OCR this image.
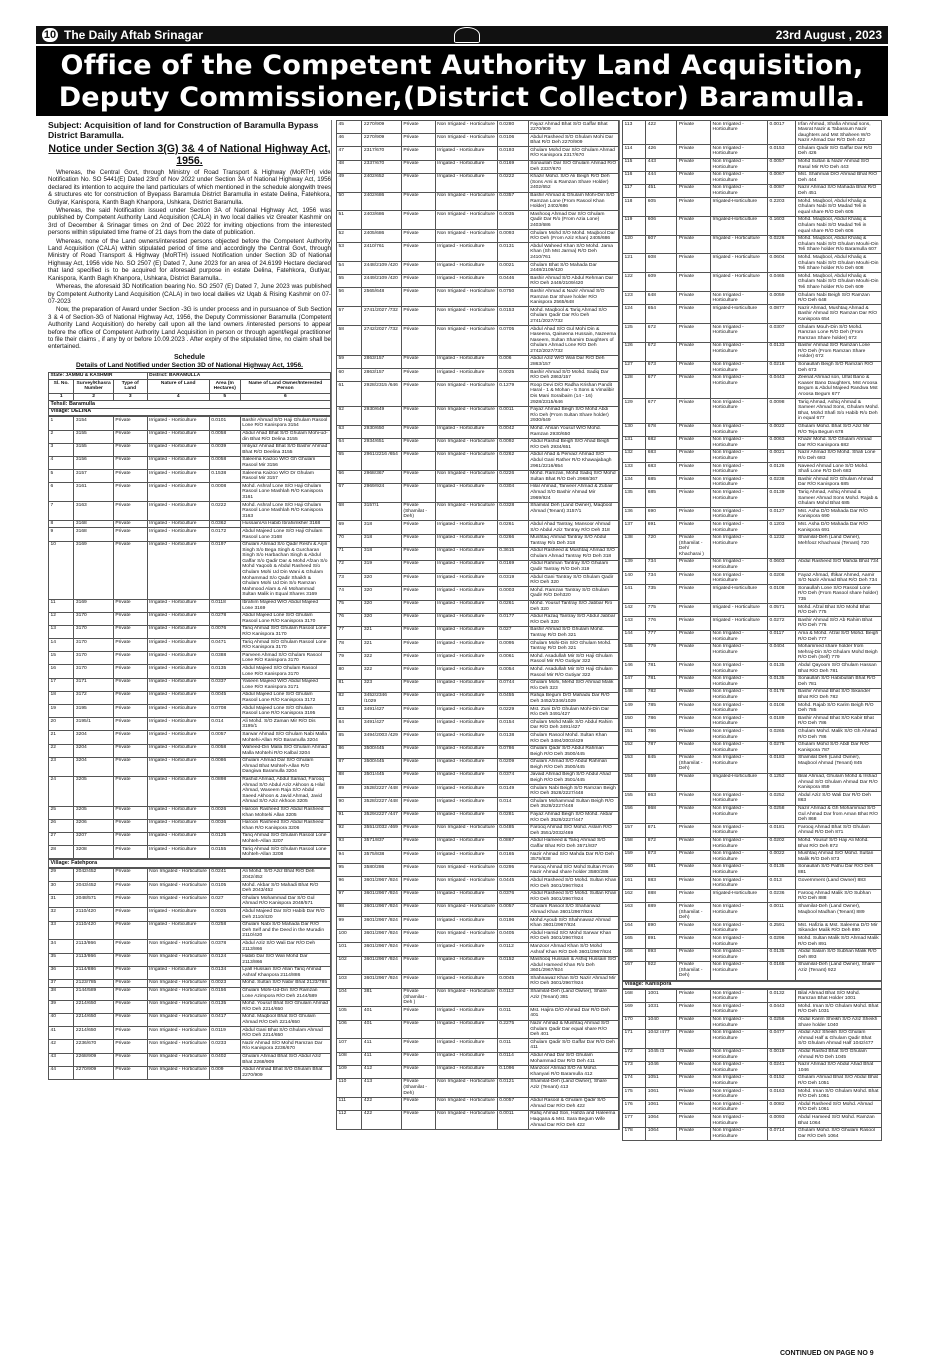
10 The Daily Aftab Srinagar	23rd August , 2023
Office of the Competent Authority Land Acquisition,
Deputy Commissioner,(District Collector) Baramulla.
Subject: Acquisition of land for Construction of Baramulla Bypass District Baramulla.
Notice under Section 3(G) 3& 4 of National Highway Act, 1956.
Whereas, the Central Govt, through Ministry of Road Transport & Highway (MoRTH) vide Notification No. SO 5441(E) Dated 23rd of Nov 2022 under Section 3A of National Highway Act, 1956 declared its intention to acquire the land particulars of which mentioned in the schedule alongwith trees & structures etc for construction of Byepass Baramula District Baramulla in estate Delina, Fatehkora, Gutiyar, Kanispora, Kanth Bagh Khanpora, Ushkara, District Baramulla.
Whereas, the said Notification issued under Section 3A of National Highway Act, 1956 was published by Competent Authority Land Acquisition (CALA) in two local dailies viz Greater Kashmir on 3rd of December & Srinagar times on 2nd of Dec 2022 for inviting objections from the interested persons within stipulated time frame of 21 days from the date of publication.
Whereas, none of the Land owners/interested persons objected before the Competent Authority Land Acquisition (CALA) within stipulated period of time and accordingly the Central Govt, through Ministry of Road Transport & Highway (MoRTH) issued Notification under Section 3D of National Highway Act, 1956 vide No. SO 2507 (E) Dated 7, June 2023 for an area of 24.6199 Hectare declared that land specified is to be acquired for aforesaid purpose in estate Delina, Fatehkora, Gutiyar, Kanispora, Kanth Bagh Khanpora, Ushkara, District Baramulla..
Whereas, the aforesaid 3D Notification bearing No. SO 2507 (E) Dated 7, June 2023 was published by Competent Authority Land Acquisition (CALA) in two local dailies viz Uqab & Rising Kashmir on 07-07-2023
Now, the preparation of Award under Section -3G is under process and in pursuance of Sub Section 3 & 4 of Section-3G of National Highway Act, 1956, the Deputy Commissioner Baramulla (Competent Authority Land Acquisition) do hereby call upon all the land owners /interested persons to appear before the office of Competent Authority Land Acquisition in person or through agent/legal practitioner to file their claims , if any by or before 10.09.2023 . After expiry of the stipulated time, no claim shall be entertained.
Schedule
Details of Land Notified under Section 3D of National Highway Act, 1956.
State: JAMMU & KASHMIR			District: BARAMULLA		
Sl. No.	Survey/Khasra Number	Type of Land	Nature of Land	Area (In Hectares)	Name of Land Owner/Interested Person
1	2	3	4	5	6
Tehsil: Baramulla					
Village: DELINA					
1	3154	Private	Irrigated - Horticulture	0.0101	Bashir Ahmad S/O Haji Ghulam Rasool Lone R/O Kanispora 3154
2	3155	Private	Irrigated - Horticulture	0.0058	Abdul Ahad Bhat S/O Ghulam Mohi-ud-din Bhat R/O Delina 3155
3	3155	Private	Irrigated - Horticulture	0.0039	Imtiyaz Ahmad Bhat S/O Bashir Ahmad Bhat R/O Deelina 3155
4	3156	Private	Irrigated - Horticulture	0.0058	Saleema Kaizoo W/O Gh Ghulam Rasool Mir 3156
5	3157	Private	Irrigated - Horticulture	0.1538	Saleema Kaizoo W/O Dr Ghulam Rasool Mir 3157
6	3161	Private	Irrigated - Horticulture	0.0008	Mohd. Ashraf Lone S/O Haji Ghulam Rasool Lone Mashlah R/O Kanispora 3161
7	3163	Private	Irrigated - Horticulture	0.0222	Mohd. Ashraf Lone S/O Haji Ghulam Rasool Lone Mashlah R/O Kanispora 3163
8	3168	Private	Irrigated - Horticulture	0.0362	Hussain/Ali Habib Ibrahimkher 3168
9	3168	Private	Irrigated - Horticulture	0.0172	Abdul Majeed Lone S/O Haji Ghulam Rasool Lone 3168
10	3169	Private	Irrigated - Horticulture	0.0197	Ghulam Ahmad S/o Qadir Reshi & Arjin Singh S/o Bega Singh & Gurcharan Singh S/o Harbachan Singh & Abdul Gaffar S/o Qadir Dar & Mohd Afzan S/o Mohd Yaqoob & Abdul Rasheed S/o Ghulam Mohi Ud Din Wani & Ghulam Mohammad S/o Qadir Shaikh & Ghulam Mohi Ud Din S/o Ramzan Mahmood Alam & Ali Mohammad Sultan Malik in Equal Shares 3169
11	3169	Private	Irrigated - Horticulture	0.0118	Ibrahim Majeed W/O Abdul Majeed Lone 3169
12	3170	Private	Irrigated - Horticulture	0.0278	Abdul Majeed Lone S/O Ghulam Rasool Lone R/O Kanispora 3170
13	3170	Private	Irrigated - Horticulture	0.0076	Tariq Ahmad S/O Ghulam Rasool Lone R/O Kanispora 3170
14	3170	Private	Irrigated - Horticulture	0.0471	Tariq Ahmad S/O Ghulam Rasool Lone R/O Kanispora 3170
15	3170	Private	Irrigated - Horticulture	0.0388	Parveen Ahmad S/O Ghulam Rasool Lone R/O Kanispora 3170
16	3170	Private	Irrigated - Horticulture	0.0135	Abdul Majeed S/O Ghulam Rasool Lone R/O Kanispora 3170
17	3171	Private	Irrigated - Horticulture	0.0337	Yaseen Majeed W/O Abdul Majeed Lone R/O Kanispora 3171
18	3172	Private	Irrigated - Horticulture	0.0045	Abdul Majeed Lone S/O Ghulam Rasool Lone R/O Kanispora 3172
19	3195	Private	Irrigated - Horticulture	0.0708	Abdul Majeed Lone S/O Ghulam Rasool Lone R/O Kanispora 3195
20	3195/1	Private	Irrigated - Horticulture	0.014	Ali Mohd. S/O Zaman Mir R/O Dis 3195/1
21	3204	Private	Irrigated - Horticulture	0.0057	Sarwar Ahmad S/O Ghulam Nabi Malla Mohtehi-Allan R/O Baramulla 3204
22	3204	Private	Irrigated - Horticulture	0.0058	Waheed-Din Malla S/O Ghulam Ahmad Malla Mohtehi R/O Kalbal 3204
23	3204	Private	Irrigated - Horticulture	0.0086	Ghulam Ahmad Dar S/O Ghulam Ahmad Bhat Mohteh-Allan R/O Dangiwa Baramulla 3204
24	3205	Private	Irrigated - Horticulture	0.0898	Rashid Ahmad, Abdul Samad, Farooq Ahmad S/O Abdul Aziz Akhoon & Hilal Ahmad, Waseem Raja S/O Abdul Saeed Akhoon & Javid Ahmad, Javid Ahmad S/O Aziz Akhoon 3205
25	3205	Private	Irrigated - Horticulture	0.0026	Haroon Rasheed S/O Abdul Rasheed Khan Mohtehi Allan 3205
26	3206	Private	Irrigated - Horticulture	0.0036	Haroon Rasheed S/O Abdul Rasheed Khan R/O Kanispora 3206
27	3207	Private	Irrigated - Horticulture	0.0125	Tariq Ahmad S/O Ghulam Rasool Lone Mohteh-Allan 3207
28	3208	Private	Irrigated - Horticulture	0.0155	Tariq Ahmad S/O Ghulam Rasool Lone Mohteh-Allan 3208
Village: Fatehpora
29	2042/452	Private	Non Irrigated - Horticulture	0.0241	Ali Mohd. S/O Aziz Bhat R/O Deh 2042/452
30	2043/452	Private	Non Irrigated - Horticulture	0.0105	Mohd. Akbar S/O Mahadi Bhat R/O Deh 2043/452
31	2048/571	Private	Non Irrigated - Horticulture	0.027	Ghulam Mohammad Dar S/O Gul Ahmad R/O Kanispora 2048/571
32	2110/420	Private	Irrigated - Horticulture	0.0025	Abdul Majeed Dar S/O Habib Dar R/O Deh 2110/420
33	2110/420	Private	Irrigated - Horticulture	0.0258	Ghulam Nabi S/O Mahada Dar R/O Deh Self and the Deed in the Muradin 2110/420
34	2113/866	Private	Non Irrigated - Horticulture	0.0378	Abdul Aziz S/O Wali Dar R/O Deh 2113/866
35	2113/866	Private	Non Irrigated - Horticulture	0.0124	Habib Dar S/O Wali Mohd Dar 2113/866
36	2114/886	Private	Irrigated - Horticulture	0.0134	Lyall Hussain S/O Allan Tariq Ahmad Ashraf Khanpora 2114/886
37	2123/785	Private	Non Irrigated - Horticulture	0.0023	Mohd. Sultan S/O Nabir Bhat 2123/785
38	2144/589	Private	Non Irrigated - Horticulture	0.0156	Ghulam Mohi-Ud-Din S/O Ramzan Lone Azimpora R/O Deh 2144/589
39	2214/650	Private	Non Irrigated - Horticulture	0.0135	Mohd. Yousuf Bhat S/O Ghulam Ahmad R/O Deh 2214/650
40	2214/650	Private	Non Irrigated - Horticulture	0.0417	Mohd. Maqbool Bhat S/O Ghulam Ahmad R/O Deh 2214/650
41	2214/650	Private	Non Irrigated - Horticulture	0.0119	Abdul Gani Bhat S/O Ghulam Ahmad R/O Deh 2214/650
42	2236/670	Private	Non Irrigated - Horticulture	0.0233	Nazir Ahmad S/O Mohd Ramzan Dar R/o Kanispora 2236/670
43	2268/909	Private	Non Irrigated - Horticulture	0.0402	Ghulam Ahmad Bhat S/O Abdul Aziz Bhat 2268/909
44	2270/909	Private	Non Irrigated - Horticulture	0.009	Abdul Ahmad Bhat S/O Ghulam Bhat 2270/909
45	2270/909	Private	Non Irrigated - Horticulture	0.0280	Fayaz Ahmad Bhat S/O Gaffar Bhat 2270/909
46	2270/909	Private	Non Irrigated - Horticulture	0.0106	Abdul Rasheed S/O Ghulam Mohi Dar Bhat R/O Deh 2270/909
47	2317/670	Private	Irrigated - Horticulture	0.0193	Ghulam Mohd Dar S/O Ghulam Ahmad R/O Kanispora 2317/670
48	2337/670	Private	Irrigated - Horticulture	0.0169	Sonaullah Dar S/O Ghulam Ahmad R/O Deh 2337/670
49	2402/652	Private	Irrigated - Horticulture	0.0222	Khazir Mohd. S/O Ali Beigh R/O Deh (Sons Ami & Ramzan Share Holder) 2402/652
50	2402/686	Private	Non Irrigated - Horticulture	0.0357	Bashir Ahmad & Ghulam Mohi-Din S/O Ramzan Lone (From Rasool Khan Holder) 2402/686
51	2403/686	Private	Non Irrigated - Horticulture	0.0035	Mashooq Ahmad Dar S/O Ghulam Qadir Dar R/o (From Azia Lone) 2403/686
52	2405/686	Private	Non Irrigated - Horticulture	0.0093	Ghulam Mohd S/O Mohd. Maqbool Dar R/O Deh (From Aziz Khan) 2405/686
53	2410/761	Private	Irrigated - Horticulture	0.0131	Abdul Waheed Khan S/O Mohd. Jama Khan (Sh Mst Jarma) R/O Deh 2410/761
54	2448/2109 /420	Private	Irrigated - Horticulture	0.0021	Ghulam Bhat S/O Mahada Dar 2448/2109/420
55	2449/2109 /420	Private	Irrigated - Horticulture	0.0446	Bashir Ahmad S/O Abdul Rehman Dar R/O Deh 2449/2109/420
56	2565/648	Private	Non Irrigated - Horticulture	0.0750	Bashir Ahmad & Nazir Ahmad S/O Ramzan Dar Share holder R/O Kanispora 2565/648
57	2741/2027 /732	Private	Non Irrigated - Horticulture	0.0153	Mohd. Maqbool & Tariq Ahmad S/O Ghulam Qadir Dar R/o Deh 2741/2027/732
58	2742/2027 /732	Private	Non Irrigated - Horticulture	0.0705	Abdul Ahad S/O Gul Mohi Din & Haseena, Qaiseena Hussain, Nazeema Naseem, Sultan Shamim Daughters of Ghulam Ahmad Lone R/O Deh 2742/2027/732
59	2863/157	Private	Irrigated - Horticulture	0.006	Abdul Aziz W/O Wali Dar R/O Deh 2863/157
60	2863/157	Private	Irrigated - Horticulture	0.0025	Bashir Ahmad S/O Mohd. Sadiq Dar R/O Deh 2863/157
61	2928/2315 /646	Private	Non Irrigated - Horticulture	0.1279	Roop Devi D/O Radha Krishan Pandit Haral - 1 & Mohan - 5 Sons & Vimalibir Dis Mani Soraibaim (14 - 16) 2928/2315/646
62	2930/649	Private	Non Irrigated - Horticulture	0.0011	Fayaz Ahmad Beigh S/O Mohd Abdi R/o Deh (From Sultan Share holder) 2930/649
63	2930/650	Private	Irrigated - Horticulture	0.0042	Mohd. Ahsan Yousuf W/O Mohd. Ramzan 2930/650
64	2934/651	Private	Non Irrigated - Horticulture	0.0092	Abdul Rashid Beigh S/O Ahad Beigh R/O Deh 2934/651
65	2961/2216 /654	Private	Non Irrigated - Horticulture	0.0262	Abdul Ahad & Pervaiz Ahmad S/O Abdul Gani Rather R/O Khawajabagh 2961/2216/654
66	2968/367	Private	Non Irrigated - Horticulture	0.0226	Mohd. Ramzan, Mohd Sadiq S/O Mohd Sultan Bhat R/O Deh 2968/367
67	2969/924	Private	Irrigated - Horticulture	0.0304	Hilal Ahmad, Tanveer Ahmad & Zubair Ahmad S/O Bashir Ahmad Mir 2969/924
68	3157/1	Private (Shamilat - Deh)	Non Irrigated - Horticulture	0.0328	Shamilat Deh (Land Owner), Maqbool Ahmad (Tenant) 3157/1
69	318	Private	Irrigated - Horticulture	0.0261	Abdul Ahad Tantray, Mansoor Ahmad S/O Abdul Aziz Tantray R/O Deh 318
70	318	Private	Irrigated - Horticulture	0.0266	Mushtaq Ahmad Tantray S/O Abdul Tantray R/o Deh 318
71	318	Private	Irrigated - Horticulture	0.3615	Abdul Rasheed & Mushtaq Ahmad S/O Ghulam Ahmad Tantray R/O Deh 318
72	319	Private	Irrigated - Horticulture	0.0169	Abdul Rahman Tantray S/O Ghulam Qadir Tantray R/O Deh 319
73	320	Private	Irrigated - Horticulture	0.0319	Abdul Gani Tantray S/O Ghulam Qadir R/O Deh 320
74	320	Private	Irrigated - Horticulture	0.0003	Mohd. Ramzan Tantray S/O Ghulam Qadir R/O Deh320
75	320	Private	Irrigated - Horticulture	0.0261	Mohd. Yousuf Tantray S/O Jabbar R/o Deh 320
76	320	Private	Irrigated - Horticulture	0.0177	Abdul Razaq Tantray S/O Abdul Jabbar R/O Deh 320
77	321	Private	Irrigated - Horticulture	0.027	Bashir Ahmad S/O Ghulam Mohd. Tantray R/O Deh 321
78	321	Private	Irrigated - Horticulture	0.0095	Ghulam Mohi-Din S/O Ghulam Mohd. Tantray R/O Deh 321
79	322	Private	Irrigated - Horticulture	0.0061	Mohd. Asadullah Mir S/O Haji Ghulam Rasool Mir R/O Gutiyar 322
80	322	Private	Irrigated - Horticulture	0.0054	Mohd. Asadullah Mir S/O Haji Ghulam Rasool Mir R/O Gutiyar 322
81	323	Private	Irrigated - Horticulture	0.0744	Ghulam Mohi, Mehd S/O Ahmad Malik R/o Deh 323
82	3452/2346 /1029	Private	Irrigated - Horticulture	0.0455	Rafiqa Begum D/O Mahadu Dar R/O Deh 3452/2346/1029
83	3491/427	Private	Irrigated - Horticulture	0.0229	Mst. Zuni D/O Ghulam Mohi-Din Dar R/o Deh 3491/427
84	3491/427	Private	Irrigated - Horticulture	0.0154	Ghulam Mohd Malik S/O Abdul Rahim Dar R/O Deh 3491/427
85	3494/2003 /429	Private	Irrigated - Horticulture	0.0138	Ghulam Rasool Mohd. Sultan Khan R/O Deh 3494/2003/429
86	3500/445	Private	Irrigated - Horticulture	0.0786	Ghulam Qadir S/O Abdul Rahman Beigh R/O Deh 3500/445
87	3500/445	Private	Irrigated - Horticulture	0.0209	Ghulam Ahmad S/O Abdul Rahman Beigh R/O Deh 3500/445
88	3501/445	Private	Irrigated - Horticulture	0.0374	Javaid Ahmad Beigh S/O Abdul Ahad Beigh R/O Deh 3501/445
89	3528/2227 /448	Private	Irrigated - Horticulture	0.0149	Ghulam Nabi Beigh S/O Ramzan Beigh R/O Deh 3528/2227/448
90	3528/2227 /448	Private	Irrigated - Horticulture	0.014	Ghulam Mohammad Sultan Beigh R/O Deh 3528/2227/448
91	3529/2227 /447	Private	Irrigated - Horticulture	0.0281	Fayaz Ahmad Beigh S/O Mohd. Akbar R/O Deh 3529/2227/447
92	3551/2032 /469	Private	Non Irrigated - Horticulture	0.0485	Farooq Ahmad S/O Mohd. Aslam R/O Deh 3551/2032/469
93	3571/837	Private	Irrigated - Horticulture	0.0867	Abdul Hameed & Tariq Ahmad S/O Gaffar Bhat R/O Deh 3571/837
94	3575/838	Private	Irrigated - Horticulture	0.0165	Nazir Ahmad S/O Mahda Dar R/O Deh 3575/838
95	3580/286	Private	Non Irrigated - Horticulture	0.0295	Farooq Ahmad S/O Mohd Sultan From Nazir Ahmad share holder 3580/286
96	3601/2967 /924	Private	Non Irrigated - Horticulture	0.0445	Abdul Rasheed S/O Mohd. Sultan Khan R/O Deh 3601/2967/924
97	3601/2967 /924	Private	Irrigated - Horticulture	0.0376	Abdul Rasheed S/O Mohd. Sultan Khan R/O Deh 3601/2967/924
98	3601/2967 /924	Private	Non Irrigated - Horticulture	0.0057	Ghulam Rasool S/O Shahanwaz Ahmad Khan 3601/2967/924
99	3601/2967 /924	Private	Irrigated - Horticulture	0.0196	Mohd Ayoub S/O Shahnawaz Ahmad Khan 3601/2967/924
100	3601/2967 /924	Private	Non Irrigated - Horticulture	0.0405	Abdul Hamid S/O Mohd Sarwar Khan R/O Deh 3601/2967/924
101	3601/2967 /924	Private	Irrigated - Horticulture	0.0112	Manzoor Ahmad Khan S/O Mohd Ashraf Khan R/O Deh 3601/2967/924
102	3601/2967 /924	Private	Irrigated - Horticulture	0.0152	Mashooq Hussain & Ashiq Hussain S/O Abdul Hameed Khan R/o Deh 3601/2967/924
103	3601/2967 /924	Private	Irrigated - Horticulture	0.0045	Shahnawaz Khan S/O Nazir Ahmad Mir R/O Deh 3601/2967/924
104	381	Private (Shamilat - Deh )	Non Irrigated - Horticulture	0.0112	Shamilat-Deh (Land Owner), Share Aziz (Tenant) 381
105	401	Private	Irrigated - Horticulture	0.011	Mst. Hajira D/O Ahmad Dar R/O Deh 401
106	401	Private	Irrigated - Horticulture	0.2275	Nazir Ahmad & Mushtaq Ahmad S/O Ghulam Qadir Dar equal share R/O Deh 401
107	411	Private	Irrigated - Horticulture	0.011	Ghulam Qadir S/O Gaffar Dar R/O Deh 411
108	411	Private	Irrigated - Horticulture	0.0114	Abdul Ahad Dar S/O Ghulam Mohammad Dar R/O Deh 411
109	412	Private	Irrigated - Horticulture	0.1096	Manzoor Ahmad S/O Ali Mohd. Khanyari R/O Baramulla 412
110	413	Private (Shamilat - Deh)	Non Irrigated - Horticulture	0.0121	Shamilat-Deh (Land Owner), Share Aziz (Tenant) 413
111	422	Private	Non Irrigated - Horticulture	0.0057	Abdul Rasool & Ghulam Qadir S/O Ahmad Dar R/O Deh 422
112	422	Private	Non Irrigated - Horticulture	0.0011	Rafiq Ahmad Son, Hafiza and Haleema Haqqana & Mst. Sara Begum Wife Ahmad Dar R/O Deh 422
113	422	Private	Non Irrigated - Horticulture	0.0017	Irfan Ahmad, Shafia Ahmad sons, Masrat Nazir & Tabassum Nazir daughters and Mst Shaheen W/O Nazir Ahmad Dar R/O Deh 422
114	426	Private	Non Irrigated - Horticulture	0.0153	Ghulam Qadir S/O Gaffar Dar R/O Deh 426
115	443	Private	Non Irrigated - Horticulture	0.0057	Mohd Sultan & Nazir Ahmad S/O Rasul Mir R/O Deh 443
116	444	Private	Non Irrigated - Horticulture	0.0067	Mst. Shahmali D/O Ahmad Bhat R/O Deh 444
117	451	Private	Non Irrigated - Horticulture	0.0087	Nazir Ahmad S/O Mahada Bhat R/O Deh 451
118	605	Private	Irrigated-Horticulture	0.2203	Mohd. Maqbool, Abdul Khaliq & Ghulam Nabi S/O Madad Teli in equal share R/O Deh 605
119	606	Private	Irrigated-Horticulture	0.1603	Mohd. Maqbool, Abdul Khaliq & Ghulam Nabi S/O Madad Teli in equal share R/O Deh 606
120	607	Private	Irrigated - Horticulture	0.0226	Mohd. Maqbool, Abdul Khaliq & Ghulam Nabi S/O Ghulam Mouhi-Din Teli Share holder R/o Baramulla 607
121	608	Private	Irrigated - Horticulture	0.0604	Mohd. Maqbool, Abdul Khaliq & Ghulam Nabi S/O Ghulam Mouhi-Din Teli Share holder R/o Deh 608
122	609	Private	Irrigated - Horticulture	0.0465	Mohd. Maqbool, Abdul Khaliq & Ghulam Nabi S/O Ghulam Mouhi-Din Teli Share holder R/o Deh 609
123	648	Private	Non Irrigated - Horticulture	0.0059	Ghulam Nabi Beigh S/O Ramzan R/O Deh 648
124	654	Private	Irrigated-Horticulture	0.0877	Nazir Ahmad, Mushtaq Ahmad & Bashir Ahmad S/O Ramzan Dar R/O Kanispora 654
125	672	Private	Non Irrigated - Horticulture	0.0307	Ghulam Mouh-Din S/O Mohd. Ramzan Lone R/O Deh (From Ramzan Share holder) 672
126	672	Private	Non Irrigated - Horticulture	0.0133	Bashir Ahmad S/O Ramzan Lone R/O Deh (From Ramzan Share Holder) 672
127	673	Private	Non Irrigated - Horticulture	0.0216	Sonaullah Beigh S/O Ramzan R/O Deh 673
128	677	Private	Non Irrigated - Horticulture	0.0443	Zeenat Ahmad son, Ulfat Bano & Kaaser Bano Daughters, Mst Aroosa Begum & Abdul Majeed Randwa Mst Aroosa Begum 677
129	677	Private	Non Irrigated - Horticulture	0.0098	Tariq Ahmad, Ashiq Ahmad & Sameer Ahmad Sons, Ghulam Mohd. Bhat, Mohd Shafi S/o Habib R/o Deh in equal 677
130	678	Private	Non Irrigated - Horticulture	0.0022	Ghulam Mohd. Bhat S/O Aziz Mir R/O Teja Begum 678
131	682	Private	Non Irrigated - Horticulture	0.0063	Khazir Mohd. S/O Ghulam Ahmad Dar R/O Kanispora 682
132	683	Private	Non Irrigated - Horticulture	0.0021	Nazir Ahmad S/O Mohd. Shafi Lone R/o Deh 683
133	683	Private	Non Irrigated - Horticulture	0.0126	Naveed Ahmad Lone S/O Mohd. Shafi Lone R/O Deh 683
134	685	Private	Non Irrigated - Horticulture	0.0238	Bashir Ahmad S/O Ghulam Ahmad Dar R/O Kanispora 685
135	685	Private	Non Irrigated - Horticulture	0.0139	Tariq Ahmad, Ashiq Ahmad & Sameer Ahmad Sons Mohd. Rajab & Ghulam Mohd Bhat 685
136	690	Private	Non Irrigated - Horticulture	0.0127	Mst. Asha D/O Mahada Dar R/O Kanispora 690
137	691	Private	Non Irrigated - Horticulture	0.1203	Mst. Asha D/O Mahada Dar R/O Kanispora 691
138	720	Private (Shamilat - Deh/ Khacharai )	Non Irrigated - Horticulture	0.1232	Shamilat-Deh (Land Owner), Mehfooz Khacharai (Tenant) 720
139	734	Private	Non Irrigated - Horticulture	0.0603	Abdul Rasheed S/O Mahda Bhat 734
140	734	Private	Non Irrigated - Horticulture	0.0208	Fayaz Ahmad, Iftikar Ahmed, Aamir S/O Nazir Ahmad Bhat R/O Deh 734
141	735	Private	Irrigated-Horticulture	0.0108	Sonaullah Lone S/O Rasool Lone R/O Deh (From Rasool share holder) 735
142	775	Private	Irrigated - Horticulture	0.0571	Mohd. Afzal Bhat S/O Mohd Bhat R/O Deh 775
143	776	Private	Irrigated - Horticulture	0.0272	Bashir Ahmad S/O Ab Rahim Bhat R/O Deh 776
144	777	Private	Non Irrigated - Horticulture	0.0117	Ama & Mohd. Afzal S/O Mohd. Beigh R/O Deh 777
145	779	Private	Non Irrigated - Horticulture	0.0404	Mohammed share holder from Mehraj-Din S/O Ghulam Mohd Beigh R/O Deh (Self) 779
146	781	Private	Non Irrigated - Horticulture	0.0135	Abdul Qayoom S/O Ghulam Hassan Bhat R/O Deh 781
147	781	Private	Non Irrigated - Horticulture	0.0135	Sonaullah S/O Habibullah Bhat R/O Deh 781
148	782	Private	Non Irrigated - Horticulture	0.0178	Bashir Ahmad Bhat S/O Sikander Bhat R/O Deh 782
149	785	Private	Non Irrigated - Horticulture	0.0108	Mohd. Rajab S/O Karim Beigh R/O Deh 785
150	786	Private	Non Irrigated - Horticulture	0.0189	Bashir Ahmad Bhat S/O Kabir Bhat R/O Deh 786
151	786	Private	Non Irrigated - Horticulture	0.0265	Ghulam Mohd. Malik S/O Gh Ahmad R/O Deh 786
152	787	Private	Non Irrigated - Horticulture	0.0275	Ghulam Mohd S/O Abdl Dar R/O Kanispora 787
153	845	Private (Shamilat - Deh)	Non Irrigated - Horticulture	0.0183	Shamilat Deh (Land Owner), Maqbool Ahmad (Tenant) 845
154	859	Private	Irrigated-Horticulture	0.1252	Bilal Ahmad, Ghulam Mohd & Irshad Ahmad S/O Ghulam Ahmad Dar R/O Kanispora 859
155	863	Private	Non Irrigated - Horticulture	0.0252	Abdul Aziz S/O Wali Dar R/O Deh 863
156	868	Private	Non Irrigated - Horticulture	0.0258	Nazir Ahmad & Gh Mohammad S/O Gul Ahmad Dar from Aman Bhat R/O Deh 868
157	871	Private	Non Irrigated - Horticulture	0.0181	Farooq Ahmad Bhat S/O Ghulam Ahmad R/O Deh 871
158	872	Private	Non Irrigated - Horticulture	0.0202	Mohd. Yousuf S/O Haji Ali Mohd. Bhat R/O Deh 872
159	873	Private	Non Irrigated - Horticulture	0.0022	Mushtaq Ahmad S/O Mohd. Sultan Malik R/O Deh 873
160	881	Private	Non Irrigated - Horticulture	0.0135	Sonaullah S/O Pathu Dar R/O Deh 881
161	883	Private	Non Irrigated - Horticulture	0.013	Government (Land Owner) 883
162	888	Private	Irrigated-Horticulture	0.0236	Farooq Ahmad Malik S/O Subhan R/O Deh 888
163	889	Private (Shamilat - Deh)	Non Irrigated - Horticulture	0.0011	Shamilat-Deh (Land Owner), Maqbool Madhan (Tenant) 889
164	890	Private	Non Irrigated - Horticulture	0.2591	Mst. Hafizia & Mst. Saleema D/O Mir Sikander Malik R/O Deh 890
165	891	Private	Non Irrigated - Horticulture	0.0296	Mohd. Sultan Malik S/O Ahmad Malik R/O Deh 891
166	893	Private	Non Irrigated - Horticulture	0.0135	Abdul Salam S/O Subhan Malik R/O Deh 893
167	922	Private (Shamilat - Deh)	Non Irrigated - Horticulture	0.0165	Shamilat-Deh (Land Owner), Share Aziz (Tenant) 922
Village: Kanispora
168	1001	Private	Non Irrigated - Horticulture	0.0132	Bilal Ahmad Bhat S/O Mohd. Ramzan Bhat Holder 1001
169	1031	Private	Non Irrigated - Horticulture	0.0443	Mohd. Iman S/O Ghulam Mohd. Bhat R/O Deh 1031
170	1040	Private	Non Irrigated - Horticulture	0.0256	Abdul Karim Sheikh S/O Aziz Sheikh Share holder 1040
171	1042 /477	Private	Non Irrigated - Horticulture	0.0477	Abdul Aziz Sheikh S/O Ghulam Ahmad Half & Ghulam Qadir Bhat S/O Ghulam Ahmad Half 1042/477
172	1045 /3	Private	Non Irrigated - Horticulture	0.0019	Abdul Rashid Bhat S/O Ghulam Ahmad R/O Deh 1045
173	1046	Private	Non Irrigated - Horticulture	0.0241	Nazir Ahmad S/O Abdul Ahad Bhat 1046
174	1051	Private	Non Irrigated - Horticulture	0.0152	Ghulam Ahmad Bhat S/O Abdul Bhat R/O Deh 1051
175	1061	Private	Non Irrigated - Horticulture	0.0163	Mohd. Iman S/O Ghulam Mohd. Bhat R/O Deh 1061
176	1061	Private	Non Irrigated - Horticulture	0.0082	Abdul Rasheed S/O Mohd. Ahmad R/O Deh 1061
177	1064	Private	Non Irrigated - Horticulture	0.0093	Abdul Hameed S/O Mohd. Ramzan Bhat 1064
178	1064	Private	Non Irrigated - Horticulture	0.0714	Ghulam Mohd. S/O Ghulam Rasool Dar R/O Deh 1064
CONTINUED ON PAGE NO 9
